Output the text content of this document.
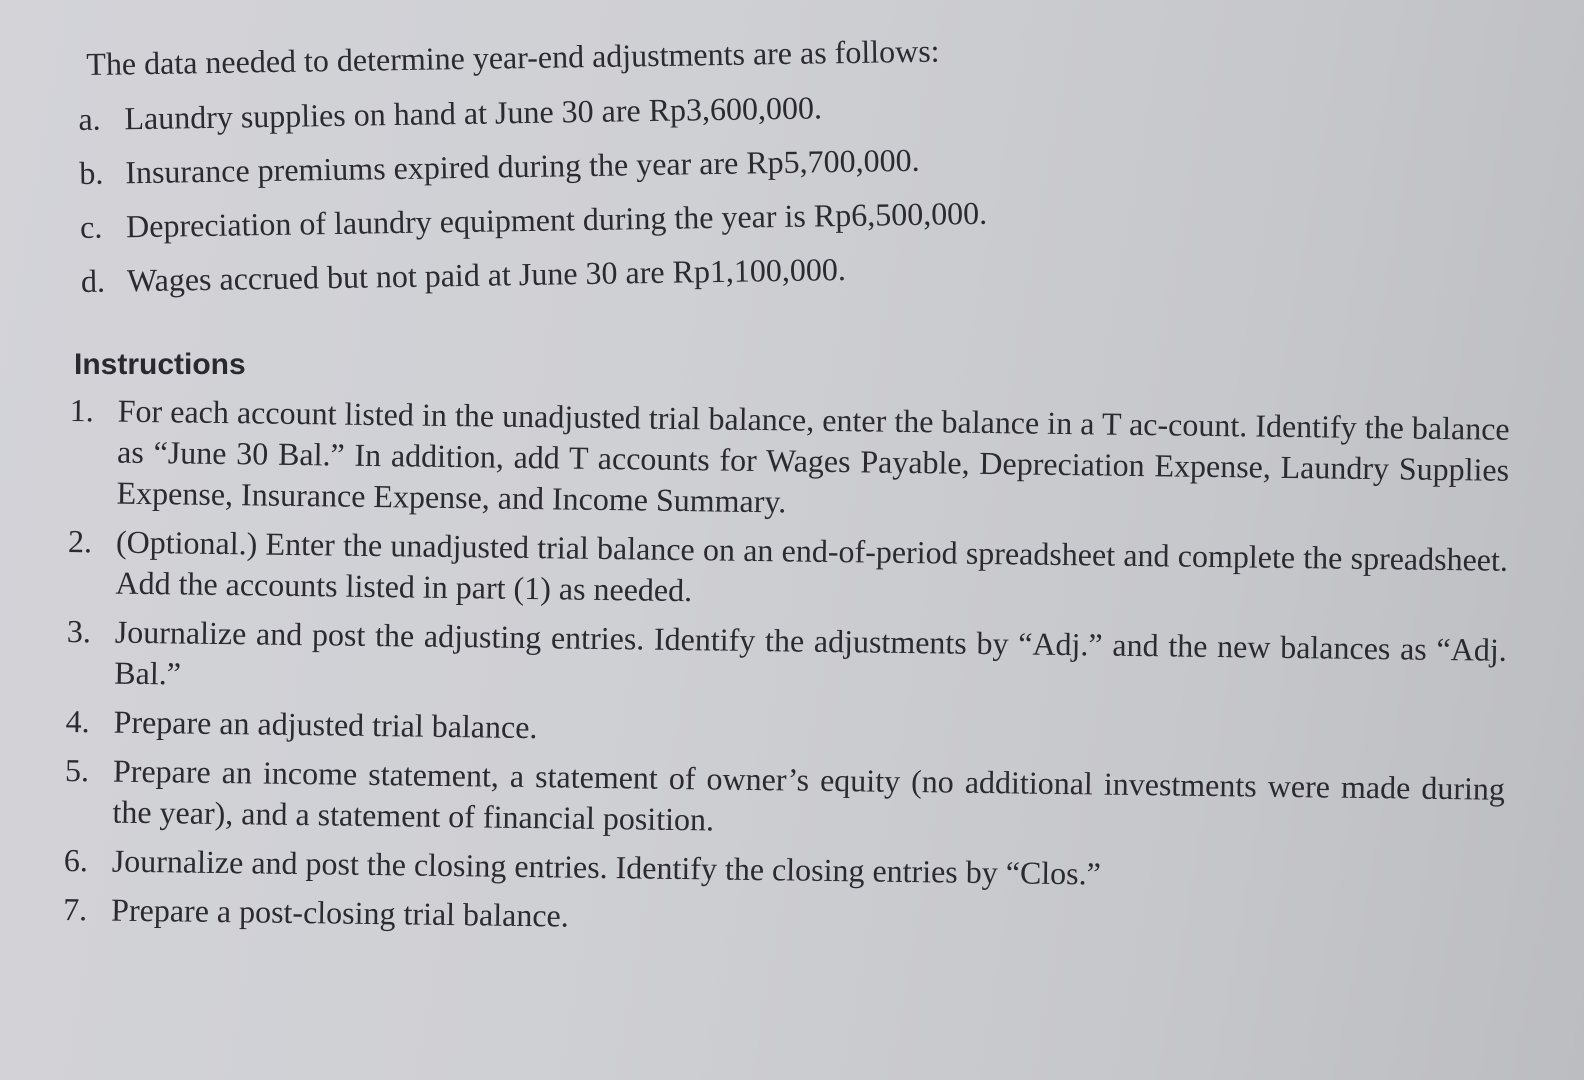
The data needed to determine year-end adjustments are as follows:

a. Laundry supplies on hand at June 30 are Rp3,600,000.
b. Insurance premiums expired during the year are Rp5,700,000.
c. Depreciation of laundry equipment during the year is Rp6,500,000.
d. Wages accrued but not paid at June 30 are Rp1,100,000.
Instructions
1. For each account listed in the unadjusted trial balance, enter the balance in a T ac-count. Identify the balance as “June 30 Bal.” In addition, add T accounts for Wages Payable, Depreciation Expense, Laundry Supplies Expense, Insurance Expense, and Income Summary.
2. (Optional.) Enter the unadjusted trial balance on an end-of-period spreadsheet and complete the spreadsheet. Add the accounts listed in part (1) as needed.
3. Journalize and post the adjusting entries. Identify the adjustments by “Adj.” and the new balances as “Adj. Bal.”
4. Prepare an adjusted trial balance.
5. Prepare an income statement, a statement of owner’s equity (no additional investments were made during the year), and a statement of financial position.
6. Journalize and post the closing entries. Identify the closing entries by “Clos.”
7. Prepare a post-closing trial balance.
